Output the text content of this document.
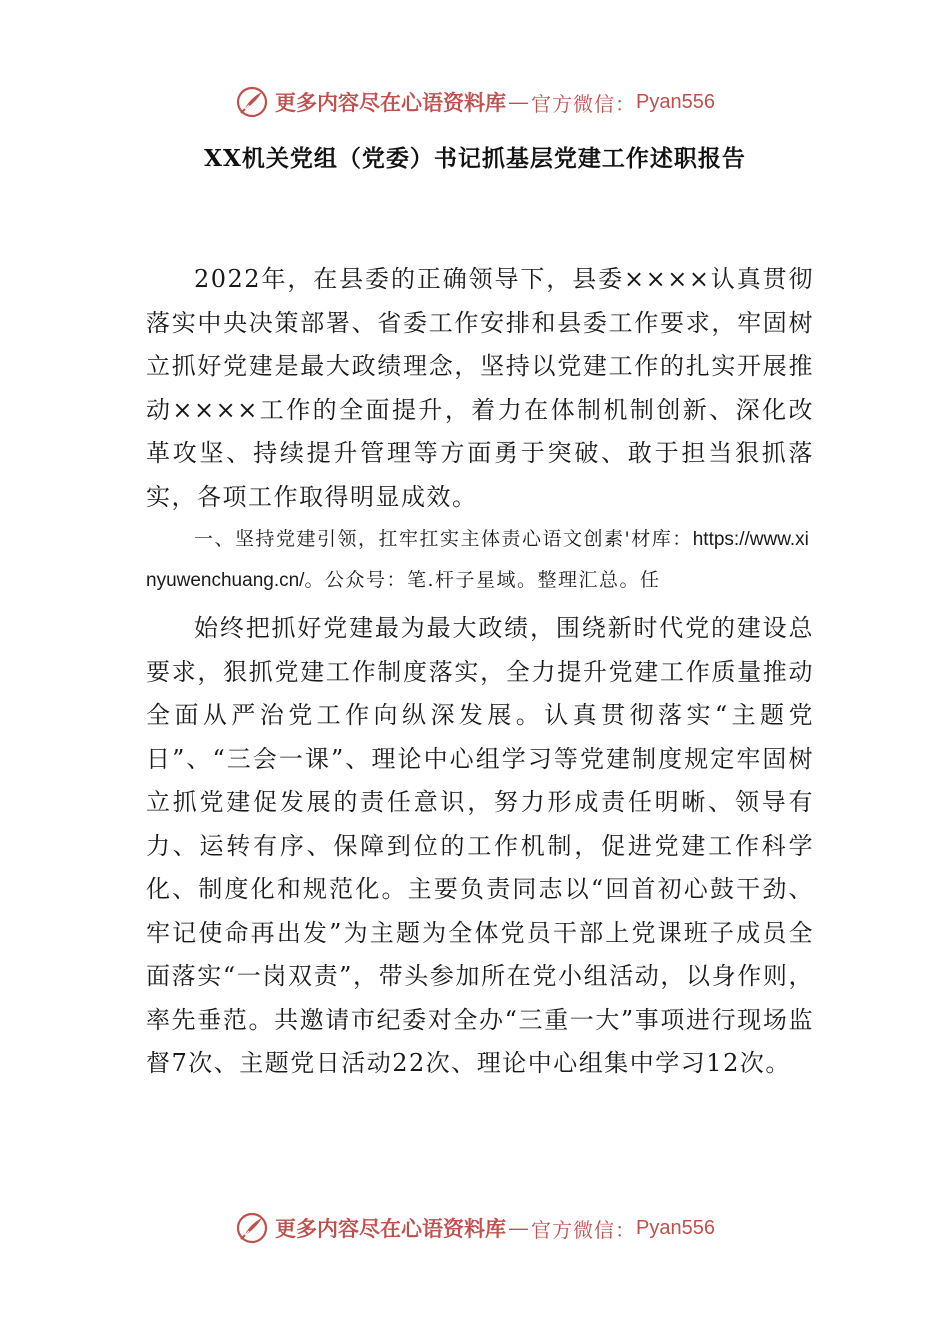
更多内容尽在心语资料库 — 官方微信： Pyan556
XX机关党组（党委）书记抓基层党建工作述职报告

2022年，在县委的正确领导下，县委××××认真贯彻落实中央决策部署、省委工作安排和县委工作要求，牢固树立抓好党建是最大政绩理念，坚持以党建工作的扎实开展推动××××工作的全面提升，着力在体制机制创新、深化改革攻坚、持续提升管理等方面勇于突破、敢于担当狠抓落实，各项工作取得明显成效。

一、坚持党建引领，扛牢扛实主体责心语文创素'材库：https://www.xinyuwenchuang.cn/。公众号：笔.杆子星域。整理汇总。任

始终把抓好党建最为最大政绩，围绕新时代党的建设总要求，狠抓党建工作制度落实，全力提升党建工作质量推动全面从严治党工作向纵深发展。认真贯彻落实“主题党日”、“三会一课”、理论中心组学习等党建制度规定牢固树立抓党建促发展的责任意识，努力形成责任明晰、领导有力、运转有序、保障到位的工作机制，促进党建工作科学化、制度化和规范化。主要负责同志以“回首初心鼓干劲、牢记使命再出发”为主题为全体党员干部上党课班子成员全面落实“一岗双责”，带头参加所在党小组活动，以身作则，率先垂范。共邀请市纪委对全办“三重一大”事项进行现场监督7次、主题党日活动22次、理论中心组集中学习12次。

更多内容尽在心语资料库 — 官方微信： Pyan556
